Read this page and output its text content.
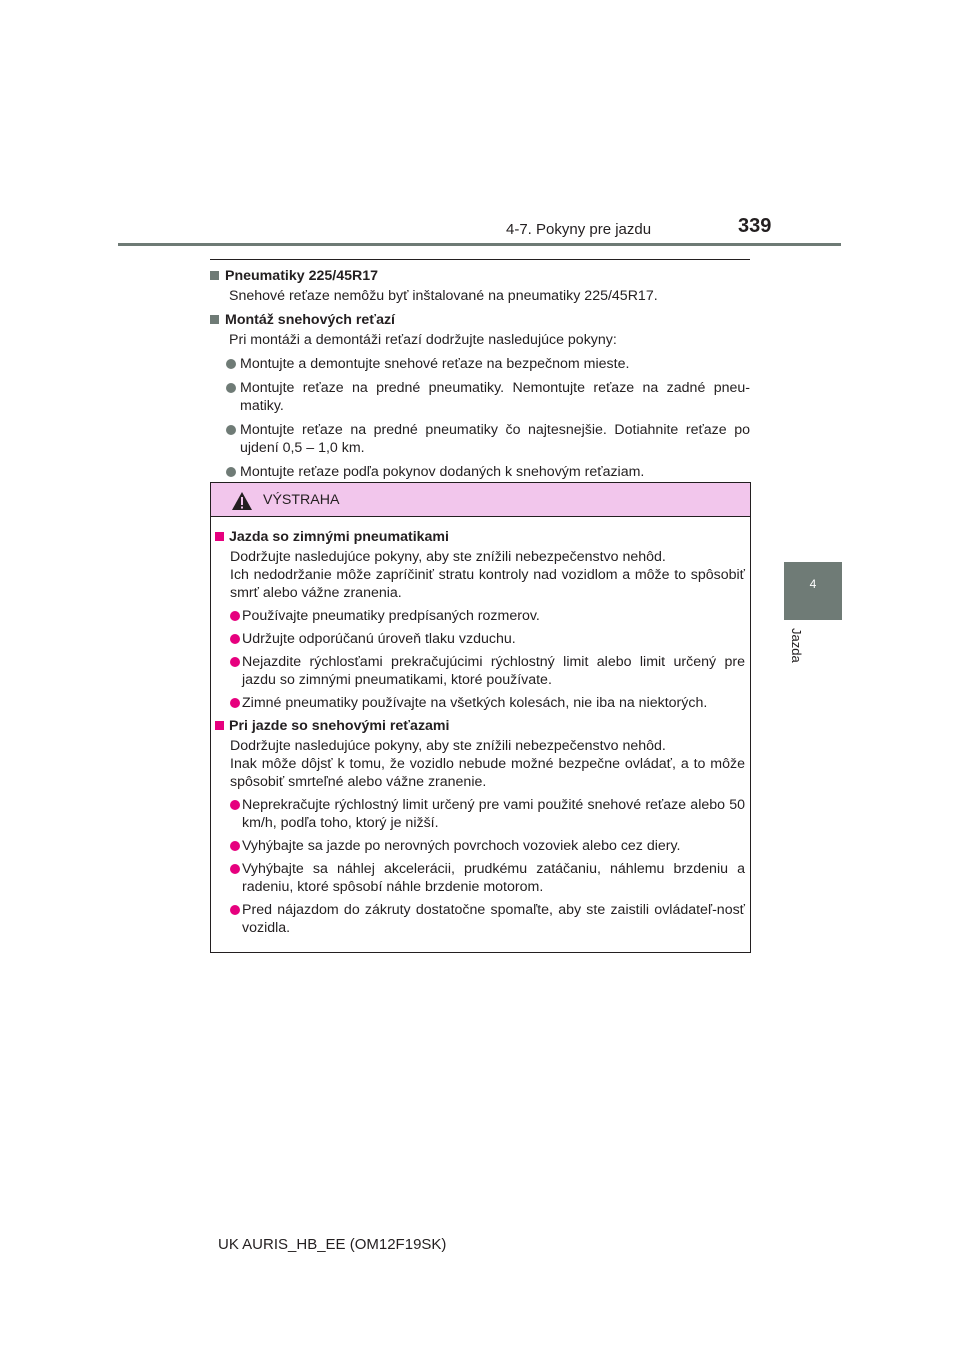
4-7. Pokyny pre jazdu	339
4
Jazda
Pneumatiky 225/45R17
Snehové reťaze nemôžu byť inštalované na pneumatiky 225/45R17.
Montáž snehových reťazí
Pri montáži a demontáži reťazí dodržujte nasledujúce pokyny:
Montujte a demontujte snehové reťaze na bezpečnom mieste.
Montujte reťaze na predné pneumatiky. Nemontujte reťaze na zadné pneu-matiky.
Montujte reťaze na predné pneumatiky čo najtesnejšie. Dotiahnite reťaze po ujdení 0,5 – 1,0 km.
Montujte reťaze podľa pokynov dodaných k snehovým reťaziam.
VÝSTRAHA
Jazda so zimnými pneumatikami
Dodržujte nasledujúce pokyny, aby ste znížili nebezpečenstvo nehôd.
Ich nedodržanie môže zapríčiniť stratu kontroly nad vozidlom a môže to spôsobiť smrť alebo vážne zranenia.
Používajte pneumatiky predpísaných rozmerov.
Udržujte odporúčanú úroveň tlaku vzduchu.
Nejazdite rýchlosťami prekračujúcimi rýchlostný limit alebo limit určený pre jazdu so zimnými pneumatikami, ktoré používate.
Zimné pneumatiky používajte na všetkých kolesách, nie iba na niektorých.
Pri jazde so snehovými reťazami
Dodržujte nasledujúce pokyny, aby ste znížili nebezpečenstvo nehôd.
Inak môže dôjsť k tomu, že vozidlo nebude možné bezpečne ovládať, a to môže spôsobiť smrteľné alebo vážne zranenie.
Neprekračujte rýchlostný limit určený pre vami použité snehové reťaze alebo 50 km/h, podľa toho, ktorý je nižší.
Vyhýbajte sa jazde po nerovných povrchoch vozoviek alebo cez diery.
Vyhýbajte sa náhlej akcelerácii, prudkému zatáčaniu, náhlemu brzdeniu a radeniu, ktoré spôsobí náhle brzdenie motorom.
Pred nájazdom do zákruty dostatočne spomaľte, aby ste zaistili ovládateľ-nosť vozidla.
UK AURIS_HB_EE (OM12F19SK)
